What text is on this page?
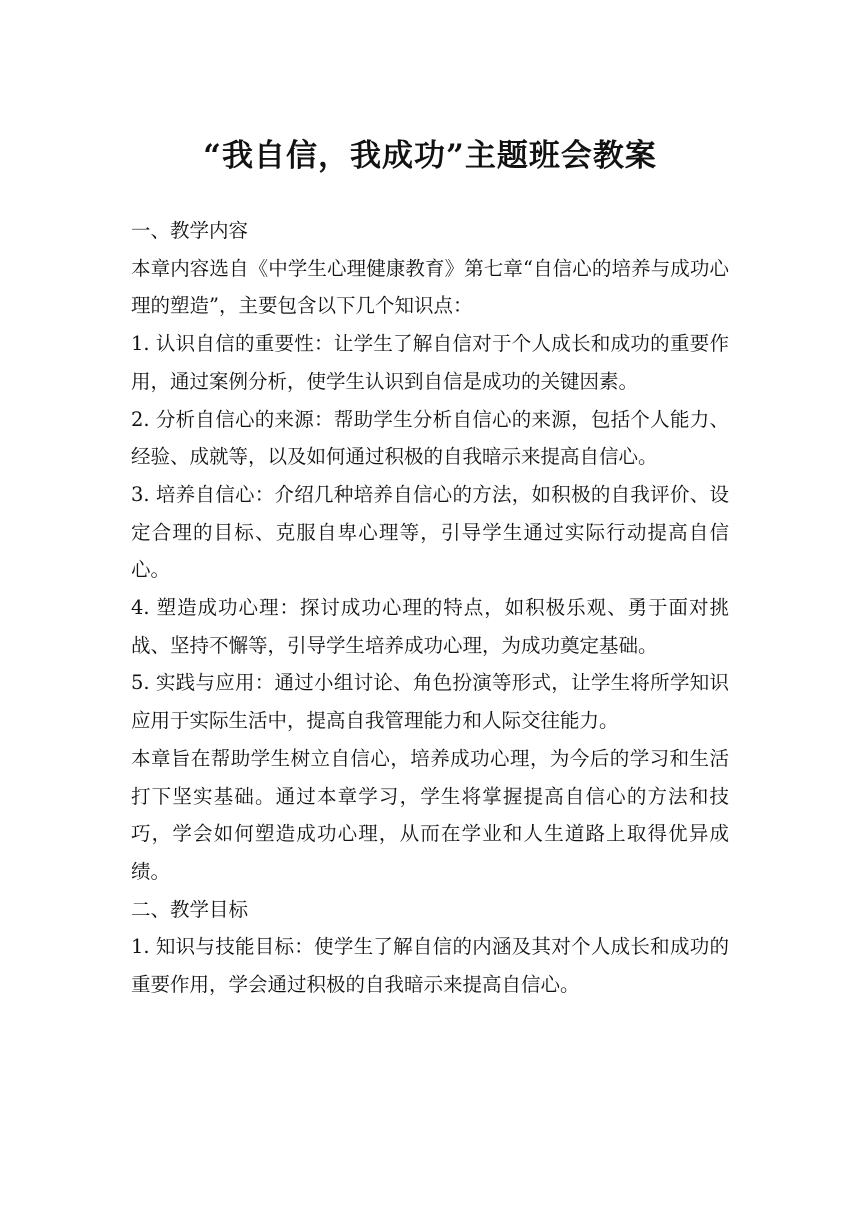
“我自信，我成功”主题班会教案

一、教学内容

本章内容选自《中学生心理健康教育》第七章“自信心的培养与成功心理的塑造”，主要包含以下几个知识点：

1. 认识自信的重要性：让学生了解自信对于个人成长和成功的重要作用，通过案例分析，使学生认识到自信是成功的关键因素。

2. 分析自信心的来源：帮助学生分析自信心的来源，包括个人能力、经验、成就等，以及如何通过积极的自我暗示来提高自信心。

3. 培养自信心：介绍几种培养自信心的方法，如积极的自我评价、设定合理的目标、克服自卑心理等，引导学生通过实际行动提高自信心。

4. 塑造成功心理：探讨成功心理的特点，如积极乐观、勇于面对挑战、坚持不懈等，引导学生培养成功心理，为成功奠定基础。

5. 实践与应用：通过小组讨论、角色扮演等形式，让学生将所学知识应用于实际生活中，提高自我管理能力和人际交往能力。

本章旨在帮助学生树立自信心，培养成功心理，为今后的学习和生活打下坚实基础。通过本章学习，学生将掌握提高自信心的方法和技巧，学会如何塑造成功心理，从而在学业和人生道路上取得优异成绩。

二、教学目标

1. 知识与技能目标：使学生了解自信的内涵及其对个人成长和成功的重要作用，学会通过积极的自我暗示来提高自信心。
